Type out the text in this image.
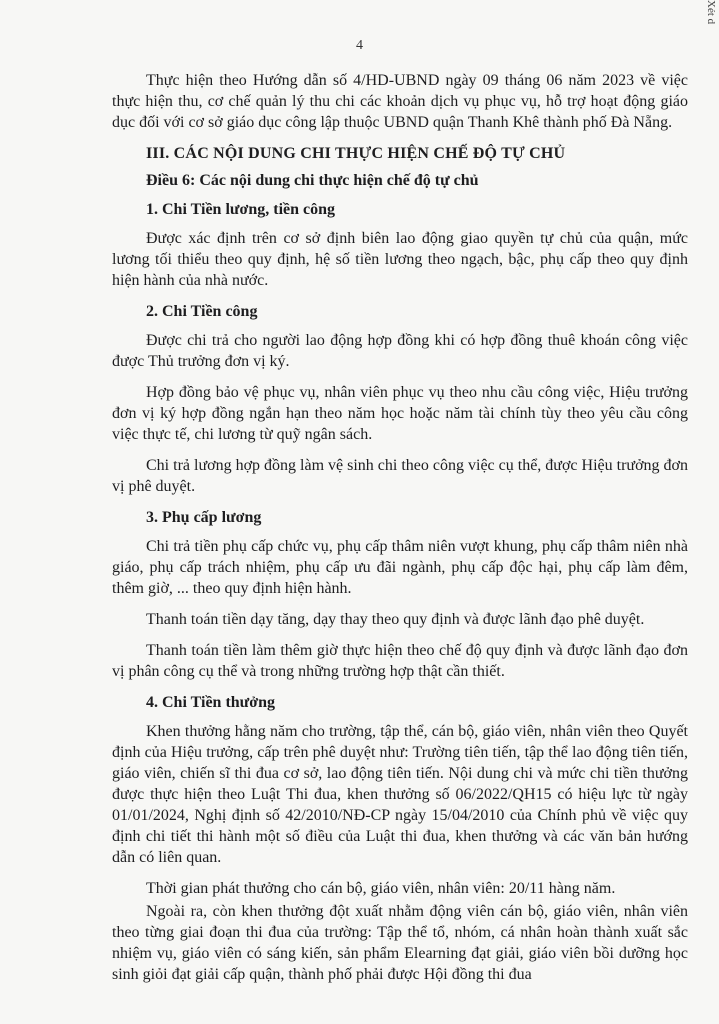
Xét d
4

Thực hiện theo Hướng dẫn số 4/HD-UBND ngày 09 tháng 06 năm 2023 về việc thực hiện thu, cơ chế quản lý thu chi các khoản dịch vụ phục vụ, hỗ trợ hoạt động giáo dục đối với cơ sở giáo dục công lập thuộc UBND quận Thanh Khê thành phố Đà Nẵng.

III. CÁC NỘI DUNG CHI THỰC HIỆN CHẾ ĐỘ TỰ CHỦ
Điều 6: Các nội dung chi thực hiện chế độ tự chủ
1. Chi Tiền lương, tiền công

Được xác định trên cơ sở định biên lao động giao quyền tự chủ của quận, mức lương tối thiểu theo quy định, hệ số tiền lương theo ngạch, bậc, phụ cấp theo quy định hiện hành của nhà nước.

2. Chi Tiền công

Được chi trả cho người lao động hợp đồng khi có hợp đồng thuê khoán công việc được Thủ trưởng đơn vị ký.

Hợp đồng bảo vệ phục vụ, nhân viên phục vụ theo nhu cầu công việc, Hiệu trưởng đơn vị ký hợp đồng ngắn hạn theo năm học hoặc năm tài chính tùy theo yêu cầu công việc thực tế, chi lương từ quỹ ngân sách.

Chi trả lương hợp đồng làm vệ sinh chi theo công việc cụ thể, được Hiệu trưởng đơn vị phê duyệt.

3. Phụ cấp lương

Chi trả tiền phụ cấp chức vụ, phụ cấp thâm niên vượt khung, phụ cấp thâm niên nhà giáo, phụ cấp trách nhiệm, phụ cấp ưu đãi ngành, phụ cấp độc hại, phụ cấp làm đêm, thêm giờ, ... theo quy định hiện hành.

Thanh toán tiền dạy tăng, dạy thay theo quy định và được lãnh đạo phê duyệt.

Thanh toán tiền làm thêm giờ thực hiện theo chế độ quy định và được lãnh đạo đơn vị phân công cụ thể và trong những trường hợp thật cần thiết.

4. Chi Tiền thưởng

Khen thưởng hằng năm cho trường, tập thể, cán bộ, giáo viên, nhân viên theo Quyết định của Hiệu trưởng, cấp trên phê duyệt như: Trường tiên tiến, tập thể lao động tiên tiến, giáo viên, chiến sĩ thi đua cơ sở, lao động tiên tiến. Nội dung chi và mức chi tiền thưởng được thực hiện theo Luật Thi đua, khen thưởng số 06/2022/QH15 có hiệu lực từ ngày 01/01/2024, Nghị định số 42/2010/NĐ-CP ngày 15/04/2010 của Chính phủ về việc quy định chi tiết thi hành một số điều của Luật thi đua, khen thưởng và các văn bản hướng dẫn có liên quan.

Thời gian phát thưởng cho cán bộ, giáo viên, nhân viên: 20/11 hàng năm.

Ngoài ra, còn khen thưởng đột xuất nhằm động viên cán bộ, giáo viên, nhân viên theo từng giai đoạn thi đua của trường: Tập thể tổ, nhóm, cá nhân hoàn thành xuất sắc nhiệm vụ, giáo viên có sáng kiến, sản phẩm Elearning đạt giải, giáo viên bồi dưỡng học sinh giỏi đạt giải cấp quận, thành phố phải được Hội đồng thi đua
